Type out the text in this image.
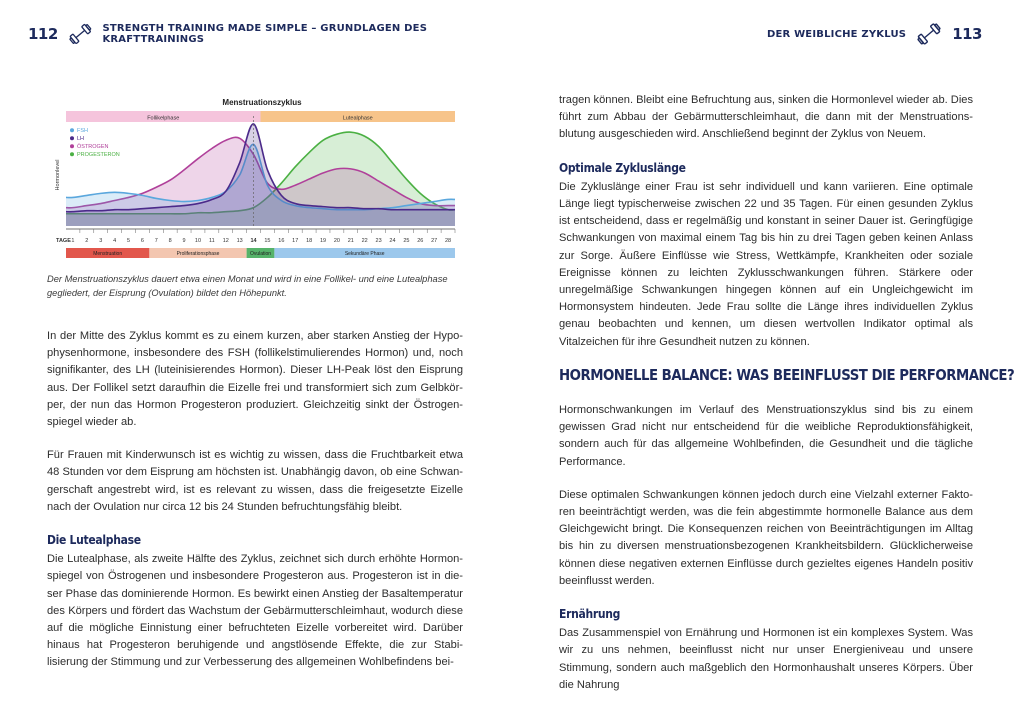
112	STRENGTH TRAINING MADE SIMPLE – GRUNDLAGEN DES KRAFTTRAININGS
Menstruationszyklus
Follikelphase	Lutealphase
Hormonlevel
FSH
LH
ÖSTROGEN
PROGESTERON
TAGE 1 2 3 4 5 6 7 8 9 10 11 12 13 14 15 16 17 18 19 20 21 22 23 24 25 26 27 28
Menstruation	Proliferationsphase	Ovulation	Sekundäre Phase
Der Menstruationszyklus dauert etwa einen Monat und wird in eine Follikel- und eine Lutealphase gegliedert, der Eisprung (Ovulation) bildet den Höhepunkt.

In der Mitte des Zyklus kommt es zu einem kurzen, aber starken Anstieg der Hypophysenhormone, insbesondere des FSH (follikelstimulierendes Hormon) und, noch signifikanter, des LH (luteinisierendes Hormon). Dieser LH-Peak löst den Eisprung aus. Der Follikel setzt daraufhin die Eizelle frei und transformiert sich zum Gelbkörper, der nun das Hormon Progesteron produziert. Gleichzeitig sinkt der Östrogenspiegel wieder ab.

Für Frauen mit Kinderwunsch ist es wichtig zu wissen, dass die Fruchtbarkeit etwa 48 Stunden vor dem Eisprung am höchsten ist. Unabhängig davon, ob eine Schwangerschaft angestrebt wird, ist es relevant zu wissen, dass die freigesetzte Eizelle nach der Ovulation nur circa 12 bis 24 Stunden befruchtungsfähig bleibt.

Die Lutealphase

Die Lutealphase, als zweite Hälfte des Zyklus, zeichnet sich durch erhöhte Hormonspiegel von Östrogenen und insbesondere Progesteron aus. Progesteron ist in dieser Phase das dominierende Hormon. Es bewirkt einen Anstieg der Basaltemperatur des Körpers und fördert das Wachstum der Gebärmutterschleimhaut, wodurch diese auf die mögliche Einnistung einer befruchteten Eizelle vorbereitet wird. Darüber hinaus hat Progesteron beruhigende und angstlösende Effekte, die zur Stabilisierung der Stimmung und zur Verbesserung des allgemeinen Wohlbefindens bei-

DER WEIBLICHE ZYKLUS	113

tragen können. Bleibt eine Befruchtung aus, sinken die Hormonlevel wieder ab. Dies führt zum Abbau der Gebärmutterschleimhaut, die dann mit der Menstruationsblutung ausgeschieden wird. Anschließend beginnt der Zyklus von Neuem.

Optimale Zykluslänge

Die Zykluslänge einer Frau ist sehr individuell und kann variieren. Eine optimale Länge liegt typischerweise zwischen 22 und 35 Tagen. Für einen gesunden Zyklus ist entscheidend, dass er regelmäßig und konstant in seiner Dauer ist. Geringfügige Schwankungen von maximal einem Tag bis hin zu drei Tagen geben keinen Anlass zur Sorge. Äußere Einflüsse wie Stress, Wettkämpfe, Krankheiten oder soziale Ereignisse können zu leichten Zyklusschwankungen führen. Stärkere oder unregelmäßige Schwankungen hingegen können auf ein Ungleichgewicht im Hormonsystem hindeuten. Jede Frau sollte die Länge ihres individuellen Zyklus genau beobachten und kennen, um diesen wertvollen Indikator optimal als Vitalzeichen für ihre Gesundheit nutzen zu können.

HORMONELLE BALANCE: WAS BEEINFLUSST DIE PERFORMANCE?

Hormonschwankungen im Verlauf des Menstruationszyklus sind bis zu einem gewissen Grad nicht nur entscheidend für die weibliche Reproduktionsfähigkeit, sondern auch für das allgemeine Wohlbefinden, die Gesundheit und die tägliche Performance.

Diese optimalen Schwankungen können jedoch durch eine Vielzahl externer Faktoren beeinträchtigt werden, was die fein abgestimmte hormonelle Balance aus dem Gleichgewicht bringt. Die Konsequenzen reichen von Beeinträchtigungen im Alltag bis hin zu diversen menstruationsbezogenen Krankheitsbildern. Glücklicherweise können diese negativen externen Einflüsse durch gezieltes eigenes Handeln positiv beeinflusst werden.

Ernährung

Das Zusammenspiel von Ernährung und Hormonen ist ein komplexes System. Was wir zu uns nehmen, beeinflusst nicht nur unser Energieniveau und unsere Stimmung, sondern auch maßgeblich den Hormonhaushalt unseres Körpers. Über die Nahrung
